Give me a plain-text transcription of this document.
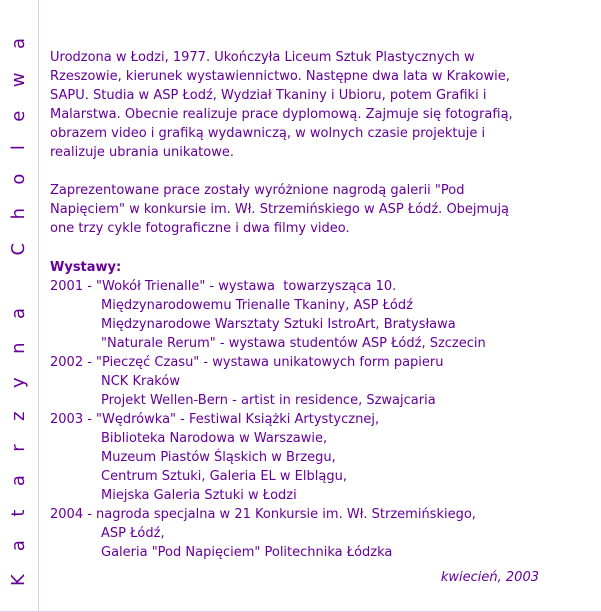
Katarzyna Cholewa
Urodzona w Łodzi, 1977. Ukończyła Liceum Sztuk Plastycznych w
Rzeszowie, kierunek wystawiennictwo. Następne dwa lata w Krakowie,
SAPU. Studia w ASP Łodź, Wydział Tkaniny i Ubioru, potem Grafiki i
Malarstwa. Obecnie realizuje prace dyplomową. Zajmuje się fotografią,
obrazem video i grafiką wydawniczą, w wolnych czasie projektuje i
realizuje ubrania unikatowe.
Zaprezentowane prace zostały wyróżnione nagrodą galerii "Pod
Napięciem" w konkursie im. Wł. Strzemińskiego w ASP Łódź. Obejmują
one trzy cykle fotograficzne i dwa filmy video.
Wystawy:
2001 - "Wokół Trienalle" - wystawa  towarzysząca 10.
Międzynarodowemu Trienalle Tkaniny, ASP Łódź
Międzynarodowe Warsztaty Sztuki IstroArt, Bratysława
"Naturale Rerum" - wystawa studentów ASP Łódź, Szczecin
2002 - "Pieczęć Czasu" - wystawa unikatowych form papieru
NCK Kraków
Projekt Wellen-Bern - artist in residence, Szwajcaria
2003 - "Wędrówka" - Festiwal Książki Artystycznej,
Biblioteka Narodowa w Warszawie,
Muzeum Piastów Śląskich w Brzegu,
Centrum Sztuki, Galeria EL w Elblągu,
Miejska Galeria Sztuki w Łodzi
2004 - nagroda specjalna w 21 Konkursie im. Wł. Strzemińskiego,
ASP Łódź,
Galeria "Pod Napięciem" Politechnika Łódzka
kwiecień, 2003
